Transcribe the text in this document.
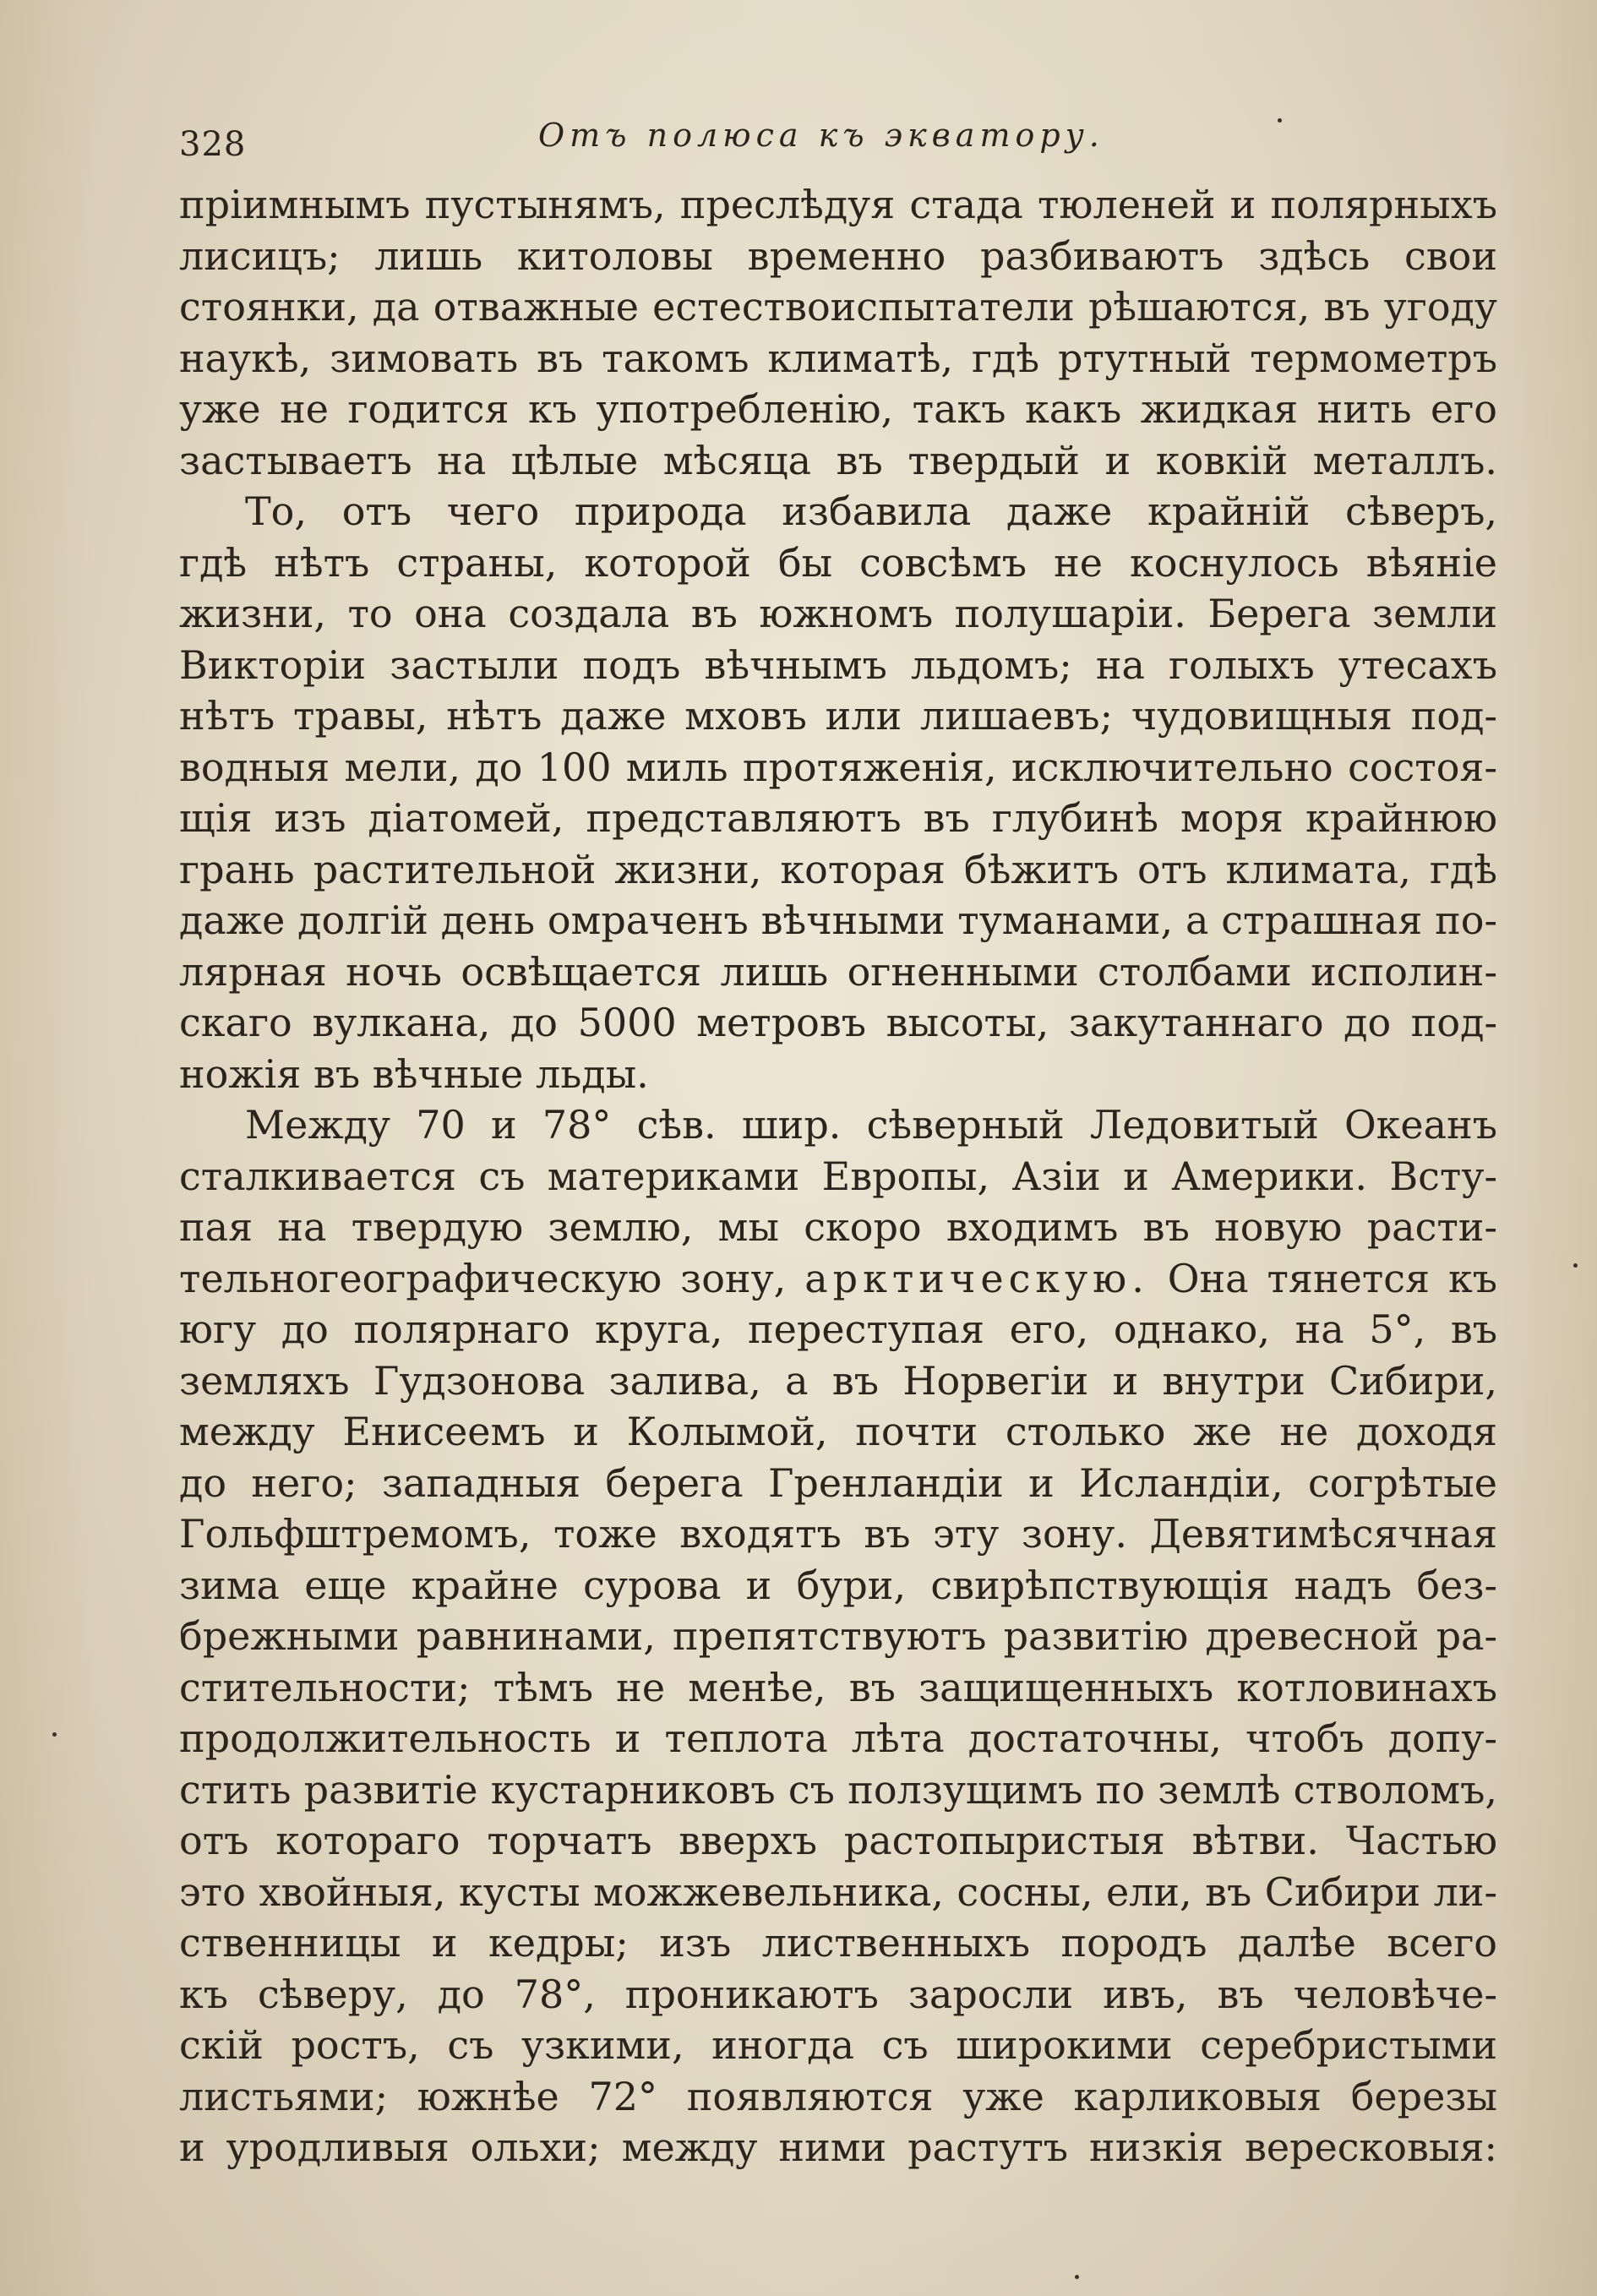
328	Отъ полюса къ экватору.
пріимнымъ пустынямъ, преслѣдуя стада тюленей и полярныхъ
лисицъ; лишь китоловы временно разбиваютъ здѣсь свои
стоянки, да отважные естествоиспытатели рѣшаются, въ угоду
наукѣ, зимовать въ такомъ климатѣ, гдѣ ртутный термометръ
уже не годится къ употребленію, такъ какъ жидкая нить его
застываетъ на цѣлые мѣсяца въ твердый и ковкій металлъ.
То, отъ чего природа избавила даже крайній сѣверъ,
гдѣ нѣтъ страны, которой бы совсѣмъ не коснулось вѣяніе
жизни, то она создала въ южномъ полушаріи. Берега земли
Викторіи застыли подъ вѣчнымъ льдомъ; на голыхъ утесахъ
нѣтъ травы, нѣтъ даже мховъ или лишаевъ; чудовищныя под-
водныя мели, до 100 миль протяженія, исключительно состоя-
щія изъ діатомей, представляютъ въ глубинѣ моря крайнюю
грань растительной жизни, которая бѣжитъ отъ климата, гдѣ
даже долгій день омраченъ вѣчными туманами, а страшная по-
лярная ночь освѣщается лишь огненными столбами исполин-
скаго вулкана, до 5000 метровъ высоты, закутаннаго до под-
ножія въ вѣчные льды.
Между 70 и 78° сѣв. шир. сѣверный Ледовитый Океанъ
сталкивается съ материками Европы, Азіи и Америки. Всту-
пая на твердую землю, мы скоро входимъ въ новую расти-
тельногеографическую зону, арктическую. Она тянется къ
югу до полярнаго круга, переступая его, однако, на 5°, въ
земляхъ Гудзонова залива, а въ Норвегіи и внутри Сибири,
между Енисеемъ и Колымой, почти столько же не доходя
до него; западныя берега Гренландіи и Исландіи, согрѣтые
Гольфштремомъ, тоже входятъ въ эту зону. Девятимѣсячная
зима еще крайне сурова и бури, свирѣпствующія надъ без-
брежными равнинами, препятствуютъ развитію древесной ра-
стительности; тѣмъ не менѣе, въ защищенныхъ котловинахъ
продолжительность и теплота лѣта достаточны, чтобъ допу-
стить развитіе кустарниковъ съ ползущимъ по землѣ стволомъ,
отъ котораго торчатъ вверхъ растопыристыя вѣтви. Частью
это хвойныя, кусты можжевельника, сосны, ели, въ Сибири ли-
ственницы и кедры; изъ лиственныхъ породъ далѣе всего
къ сѣверу, до 78°, проникаютъ заросли ивъ, въ человѣче-
скій ростъ, съ узкими, иногда съ широкими серебристыми
листьями; южнѣе 72° появляются уже карликовыя березы
и уродливыя ольхи; между ними растутъ низкія вересковыя:
